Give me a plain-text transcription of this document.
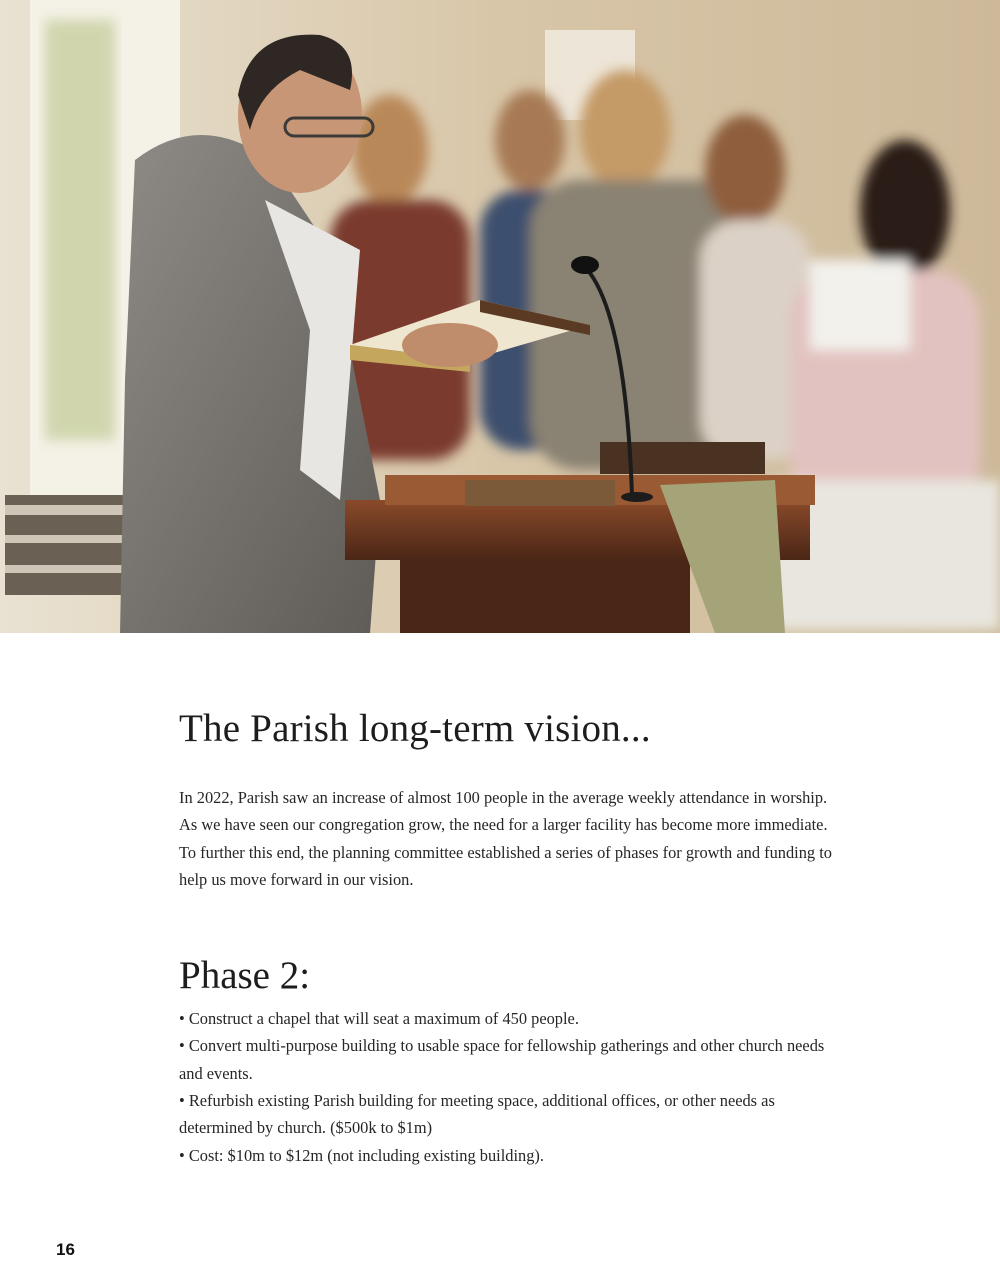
The Parish long-term vision...

In 2022, Parish saw an increase of almost 100 people in the average weekly attendance in worship. As we have seen our congregation grow, the need for a larger facility has become more immediate. To further this end, the planning committee established a series of phases for growth and funding to help us move forward in our vision.

Phase 2:
• Construct a chapel that will seat a maximum of 450 people.
• Convert multi-purpose building to usable space for fellowship gatherings and other church needs and events.
• Refurbish existing Parish building for meeting space, additional offices, or other needs as determined by church. ($500k to $1m)
• Cost: $10m to $12m (not including existing building).
16
